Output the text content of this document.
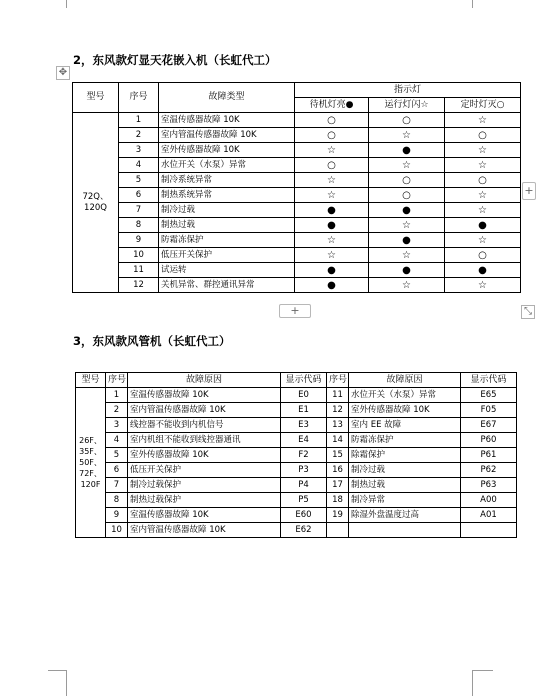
2，东风款灯显天花嵌入机（长虹代工）
✥
型号	序号	故障类型	指示灯		
			待机灯亮●	运行灯闪☆	定时灯灭○
72Q、120Q	1	室温传感器故障 10K	○	○	☆
	2	室内管温传感器故障 10K	○	☆	○
	3	室外传感器故障 10K	☆	●	☆
	4	水位开关（水泵）异常	○	☆	☆
	5	制冷系统异常	☆	○	○
	6	制热系统异常	☆	○	☆
	7	制冷过载	●	●	☆
	8	制热过载	●	☆	●
	9	防霜冻保护	☆	●	☆
	10	低压开关保护	☆	☆	○
	11	试运转	●	●	●
	12	关机异常、群控通讯异常	●	☆	☆
+
+
⤡
3，东风款风管机（长虹代工）
型号	序号	故障原因	显示代码	序号	故障原因	显示代码
26F、35F、50F、72F、120F	1	室温传感器故障 10K	E0	11	水位开关（水泵）异常	E65
	2	室内管温传感器故障 10K	E1	12	室外传感器故障 10K	F05
	3	线控器不能收到内机信号	E3	13	室内 EE 故障	E67
	4	室内机组不能收到线控器通讯	E4	14	防霜冻保护	P60
	5	室外传感器故障 10K	F2	15	除霜保护	P61
	6	低压开关保护	P3	16	制冷过载	P62
	7	制冷过载保护	P4	17	制热过载	P63
	8	制热过载保护	P5	18	制冷异常	A00
	9	室温传感器故障 10K	E60	19	除湿外盘温度过高	A01
	10	室内管温传感器故障 10K	E62			
